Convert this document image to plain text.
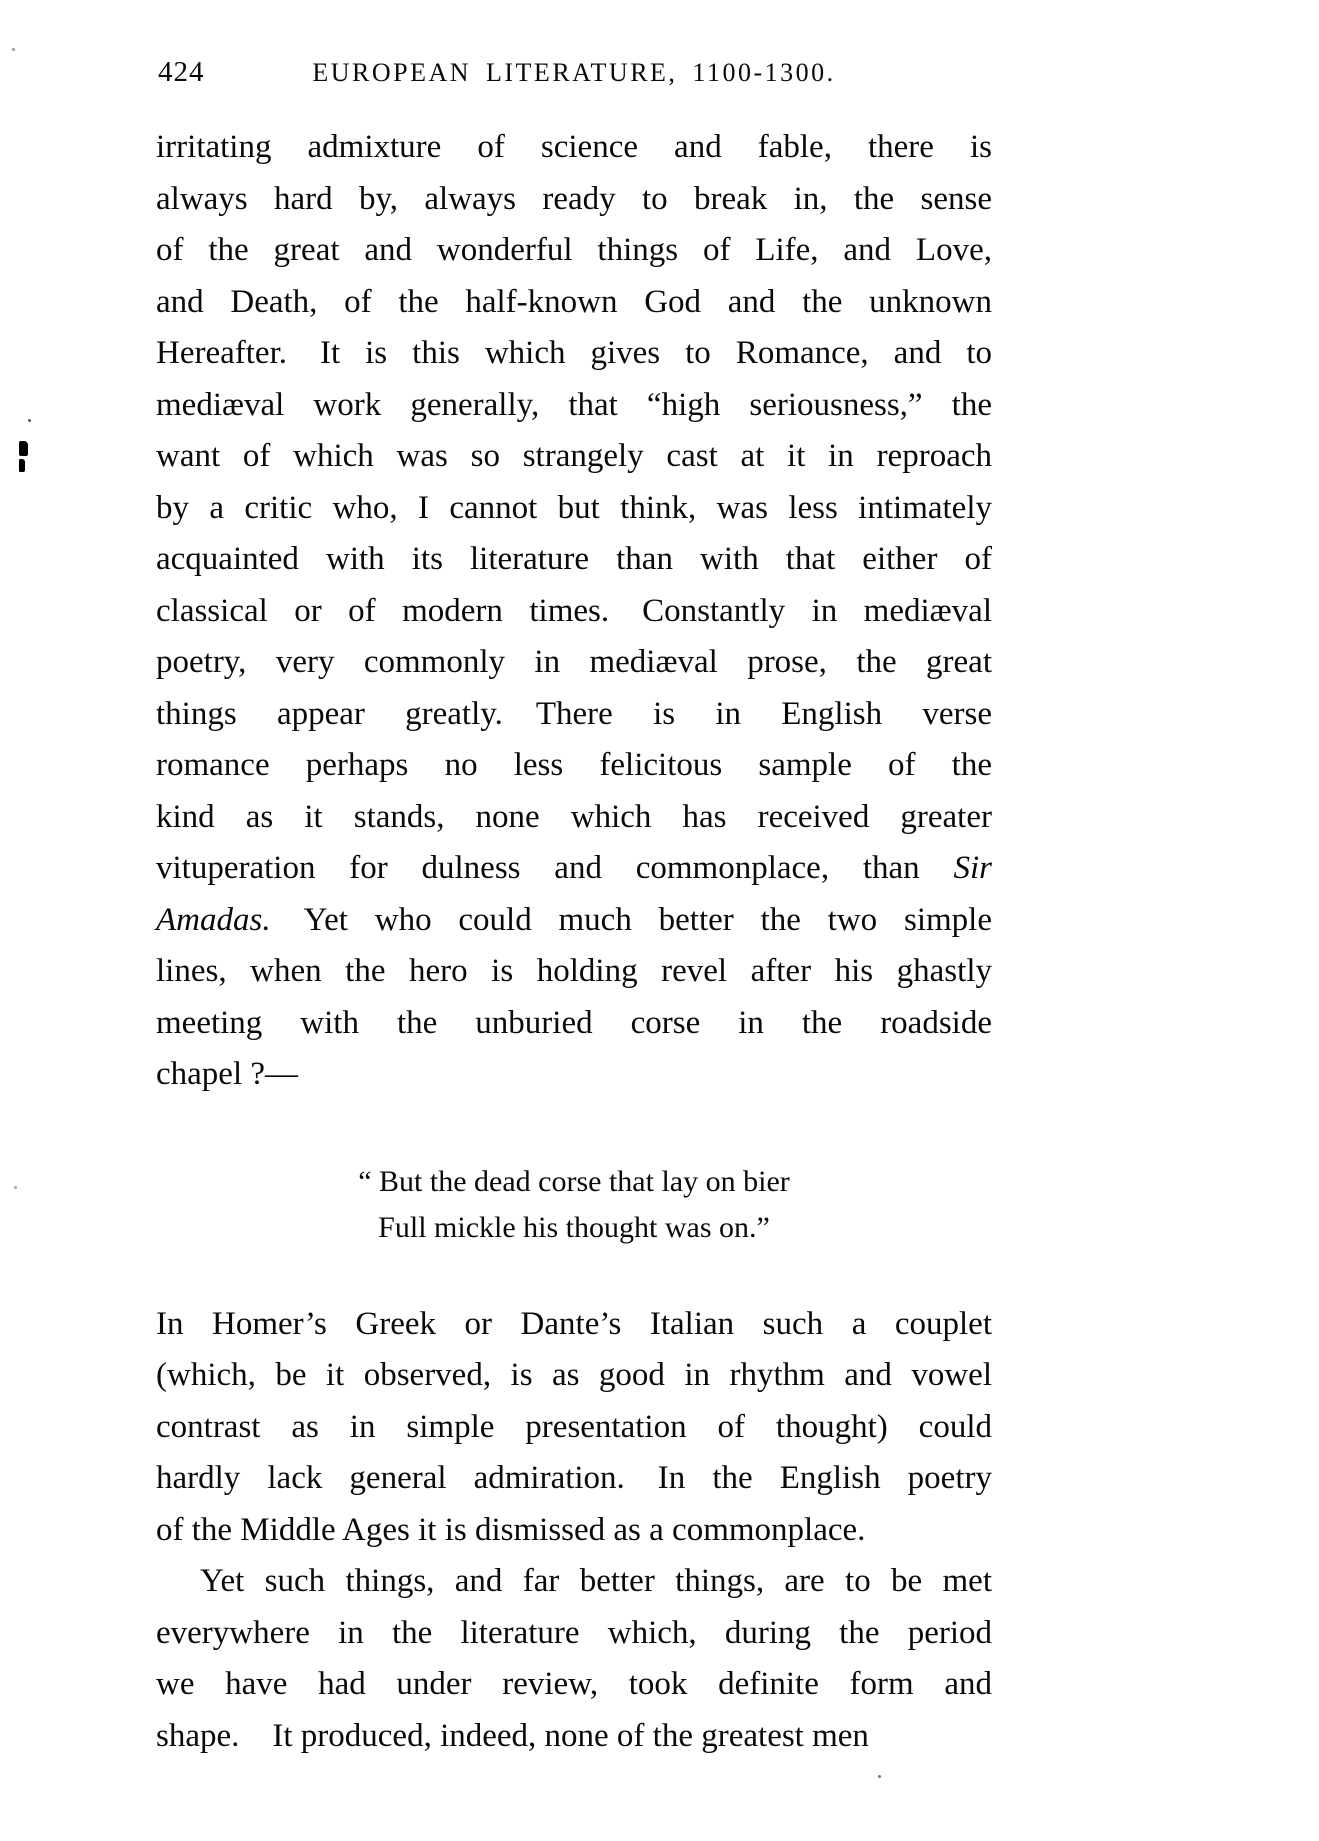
424	EUROPEAN LITERATURE, 1100-1300.
irritating admixture of science and fable, there is
always hard by, always ready to break in, the sense
of the great and wonderful things of Life, and Love,
and Death, of the half-known God and the unknown
Hereafter. It is this which gives to Romance, and to
mediæval work generally, that “high seriousness,” the
want of which was so strangely cast at it in reproach
by a critic who, I cannot but think, was less intimately
acquainted with its literature than with that either of
classical or of modern times. Constantly in mediæval
poetry, very commonly in mediæval prose, the great
things appear greatly. There is in English verse
romance perhaps no less felicitous sample of the
kind as it stands, none which has received greater
vituperation for dulness and commonplace, than Sir
Amadas. Yet who could much better the two simple
lines, when the hero is holding revel after his ghastly
meeting with the unburied corse in the roadside
chapel ?—
“ But the dead corse that lay on bier
Full mickle his thought was on.”
In Homer’s Greek or Dante’s Italian such a couplet
(which, be it observed, is as good in rhythm and vowel
contrast as in simple presentation of thought) could
hardly lack general admiration. In the English poetry
of the Middle Ages it is dismissed as a commonplace.
Yet such things, and far better things, are to be met
everywhere in the literature which, during the period
we have had under review, took definite form and
shape. It produced, indeed, none of the greatest men
